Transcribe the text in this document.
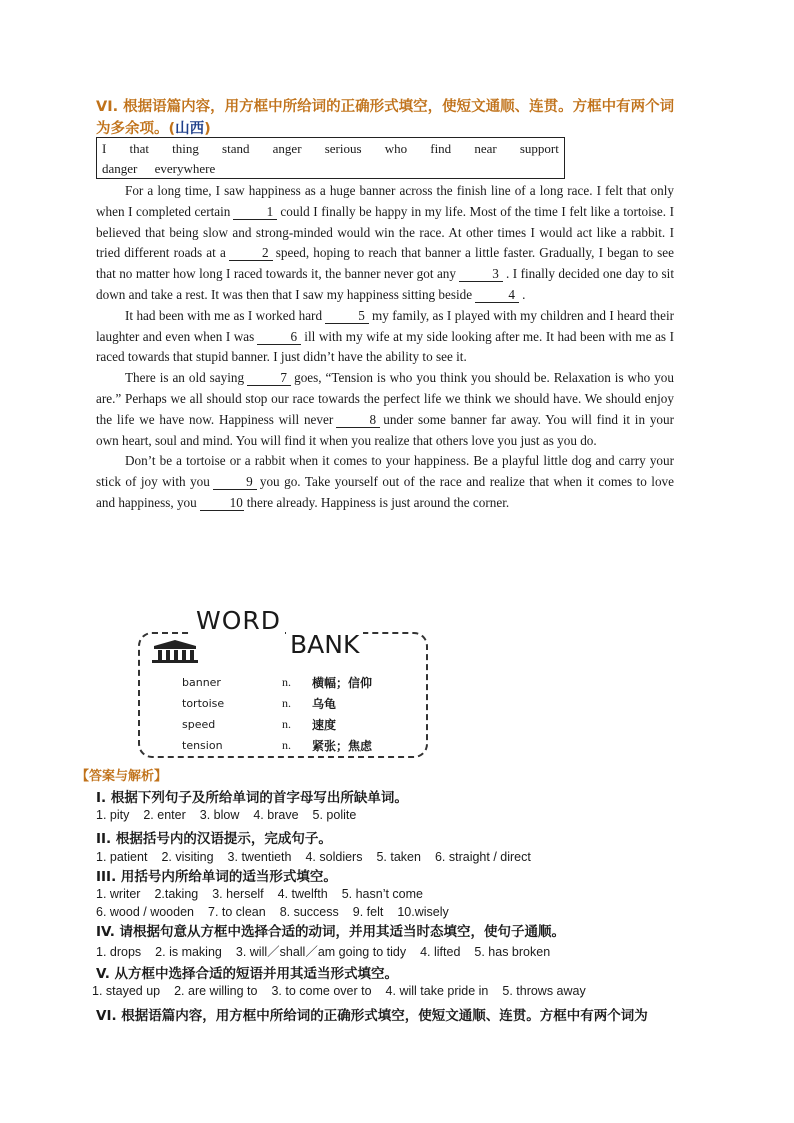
VI. 根据语篇内容，用方框中所给词的正确形式填空，使短文通顺、连贯。方框中有两个词为多余项。(山西)
I that thing stand anger serious who find near support
danger everywhere

For a long time, I saw happiness as a huge banner across the finish line of a long race. I felt that only when I completed certain	1 could I finally be happy in my life. Most of the time I felt like a tortoise. I believed that being slow and strong-minded would win the race. At other times I would act like a rabbit. I tried different roads at a	2 speed, hoping to reach that banner a little faster. Gradually, I began to see that no matter how long I raced towards it, the banner never got any	3 . I finally decided one day to sit down and take a rest. It was then that I saw my happiness sitting beside	4 .

It had been with me as I worked hard	5 my family, as I played with my children and I heard their laughter and even when I was	6 ill with my wife at my side looking after me. It had been with me as I raced towards that stupid banner. I just didn’t have the ability to see it.

There is an old saying	7 goes, “Tension is who you think you should be. Relaxation is who you are.” Perhaps we all should stop our race towards the perfect life we think we should have. We should enjoy the life we have now. Happiness will never	8 under some banner far away. You will find it in your own heart, soul and mind. You will find it when you realize that others love you just as you do.

Don’t be a tortoise or a rabbit when it comes to your happiness. Be a playful little dog and carry your stick of joy with you	9 you go. Take yourself out of the race and realize that when it comes to love and happiness, you 10 there already. Happiness is just around the corner.

WORD
BANK
banner	n.	横幅；信仰
tortoise	n.	乌龟
speed	n.	速度
tension	n.	紧张；焦虑
【答案与解析】
I. 根据下列句子及所给单词的首字母写出所缺单词。
1. pity 2. enter 3. blow 4. brave 5. polite
II. 根据括号内的汉语提示，完成句子。
1. patient 2. visiting 3. twentieth 4. soldiers 5. taken 6. straight / direct
III. 用括号内所给单词的适当形式填空。
1. writer 2.taking 3. herself 4. twelfth 5. hasn’t come
6. wood / wooden 7. to clean 8. success 9. felt 10.wisely
IV. 请根据句意从方框中选择合适的动词，并用其适当时态填空，使句子通顺。
1. drops 2. is making 3. will／shall／am going to tidy 4. lifted 5. has broken
V. 从方框中选择合适的短语并用其适当形式填空。
1. stayed up 2. are willing to 3. to come over to 4. will take pride in 5. throws away
VI. 根据语篇内容，用方框中所给词的正确形式填空，使短文通顺、连贯。方框中有两个词为
